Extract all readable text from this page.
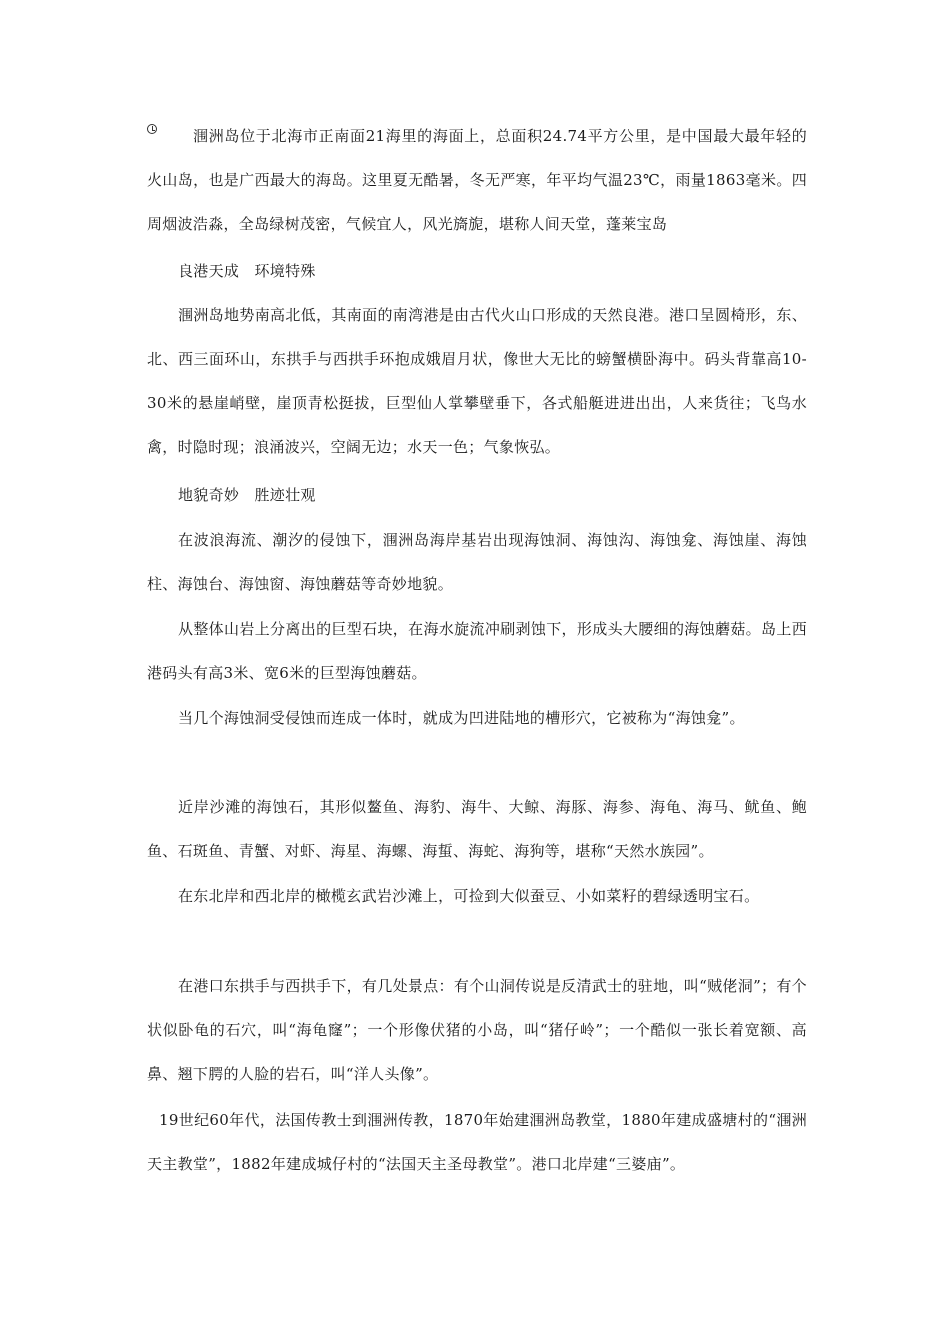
涠洲岛位于北海市正南面21海里的海面上，总面积24.74平方公里，是中国最大最年轻的火山岛，也是广西最大的海岛。这里夏无酷暑，冬无严寒，年平均气温23℃，雨量1863毫米。四周烟波浩淼，全岛绿树茂密，气候宜人，风光旖旎，堪称人间天堂，蓬莱宝岛

良港天成　环境特殊

涠洲岛地势南高北低，其南面的南湾港是由古代火山口形成的天然良港。港口呈圆椅形，东、北、西三面环山，东拱手与西拱手环抱成娥眉月状，像世大无比的螃蟹横卧海中。码头背靠高10-30米的悬崖峭壁，崖顶青松挺拔，巨型仙人掌攀壁垂下，各式船艇进进出出，人来货往；飞鸟水禽，时隐时现；浪涌波兴，空阔无边；水天一色；气象恢弘。

地貌奇妙　胜迹壮观

在波浪海流、潮汐的侵蚀下，涠洲岛海岸基岩出现海蚀洞、海蚀沟、海蚀龛、海蚀崖、海蚀柱、海蚀台、海蚀窗、海蚀蘑菇等奇妙地貌。

从整体山岩上分离出的巨型石块，在海水旋流冲刷剥蚀下，形成头大腰细的海蚀蘑菇。岛上西港码头有高3米、宽6米的巨型海蚀蘑菇。

当几个海蚀洞受侵蚀而连成一体时，就成为凹进陆地的槽形穴，它被称为“海蚀龛”。

近岸沙滩的海蚀石，其形似鳌鱼、海豹、海牛、大鲸、海豚、海参、海龟、海马、鱿鱼、鲍鱼、石斑鱼、青蟹、对虾、海星、海螺、海蜇、海蛇、海狗等，堪称“天然水族园”。

在东北岸和西北岸的橄榄玄武岩沙滩上，可捡到大似蚕豆、小如菜籽的碧绿透明宝石。

在港口东拱手与西拱手下，有几处景点：有个山洞传说是反清武士的驻地，叫“贼佬洞”；有个状似卧龟的石穴，叫“海龟窿”；一个形像伏猪的小岛，叫“猪仔岭”；一个酷似一张长着宽额、高鼻、翘下腭的人脸的岩石，叫“洋人头像”。

19世纪60年代，法国传教士到涠洲传教，1870年始建涠洲岛教堂，1880年建成盛塘村的“涠洲天主教堂”，1882年建成城仔村的“法国天主圣母教堂”。港口北岸建“三婆庙”。
